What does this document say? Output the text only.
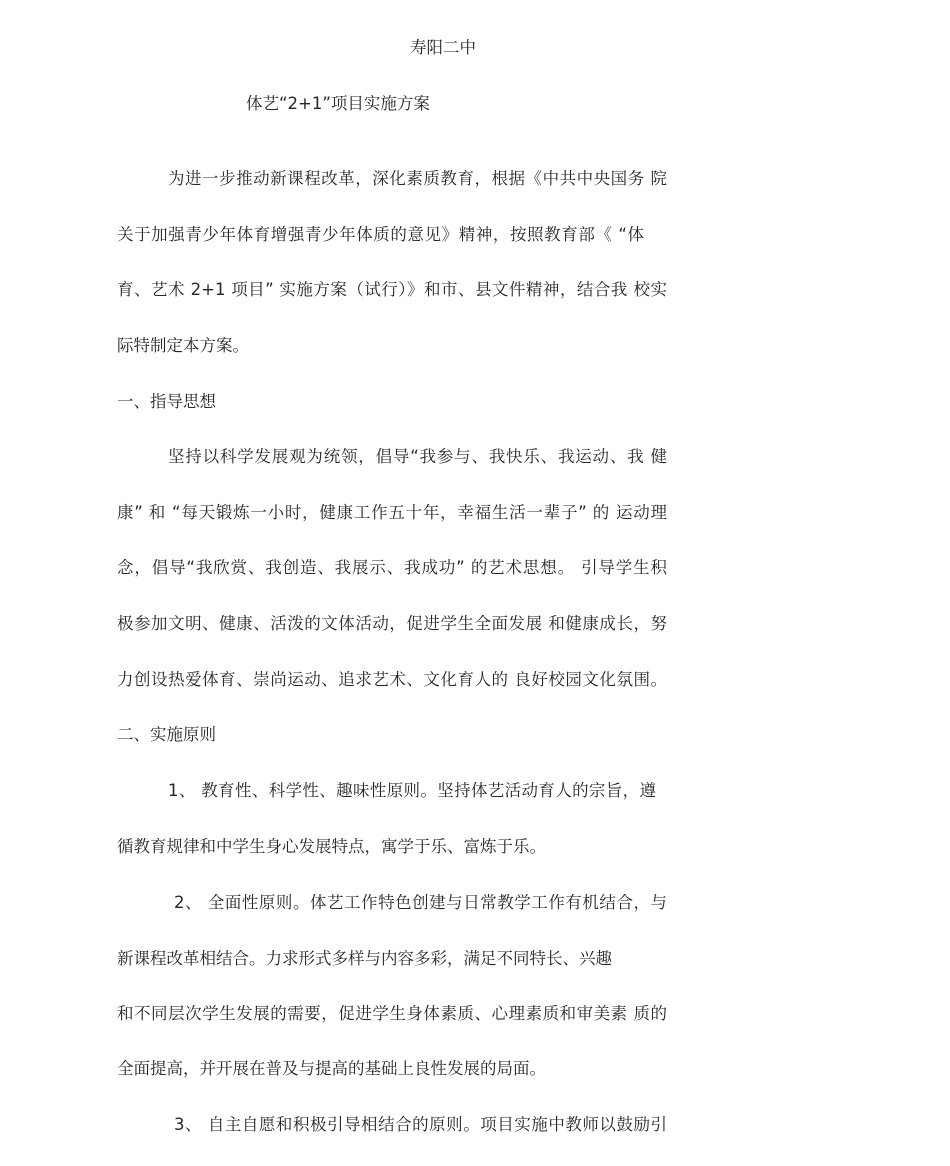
寿阳二中
体艺“2+1”项目实施方案
为进一步推动新课程改革，深化素质教育，根据《中共中央国务 院
关于加强青少年体育增强青少年体质的意见》精神，按照教育部《 “体
育、艺术 2+1 项目” 实施方案（试行）》和市、县文件精神，结合我 校实
际特制定本方案。
一、指导思想
坚持以科学发展观为统领，倡导“我参与、我快乐、我运动、我 健
康” 和 “每天锻炼一小时，健康工作五十年，幸福生活一辈子” 的 运动理
念，倡导“我欣赏、我创造、我展示、我成功” 的艺术思想。 引导学生积
极参加文明、健康、活泼的文体活动，促进学生全面发展 和健康成长，努
力创设热爱体育、崇尚运动、追求艺术、文化育人的 良好校园文化氛围。
二、实施原则
1、 教育性、科学性、趣味性原则。坚持体艺活动育人的宗旨，遵
循教育规律和中学生身心发展特点，寓学于乐、富炼于乐。
2、 全面性原则。体艺工作特色创建与日常教学工作有机结合，与
新课程改革相结合。力求形式多样与内容多彩，满足不同特长、兴趣
和不同层次学生发展的需要，促进学生身体素质、心理素质和审美素 质的
全面提高，并开展在普及与提高的基础上良性发展的局面。
3、 自主自愿和积极引导相结合的原则。项目实施中教师以鼓励引
